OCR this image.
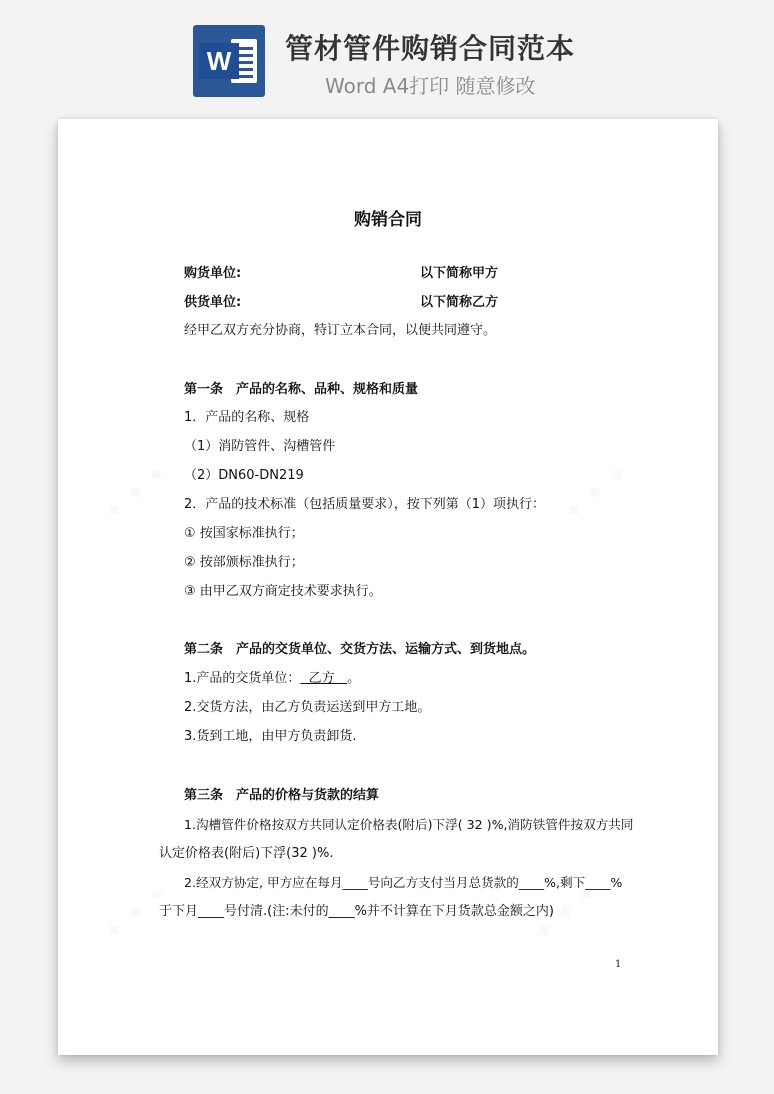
W 管材管件购销合同范本
Word A4打印 随意修改
购销合同
购货单位:	以下简称甲方
供货单位:	以下简称乙方
经甲乙双方充分协商，特订立本合同，以便共同遵守。
第一条　产品的名称、品种、规格和质量
1．产品的名称、规格
（1）消防管件、沟槽管件
（2）DN60-DN219
2．产品的技术标准（包括质量要求），按下列第（1）项执行：
① 按国家标准执行；
② 按部颁标准执行；
③ 由甲乙双方商定技术要求执行。
第二条　产品的交货单位、交货方法、运输方式、到货地点。
1.产品的交货单位：  乙方   。
2.交货方法，由乙方负责运送到甲方工地。
3.货到工地，由甲方负责卸货.
第三条　产品的价格与货款的结算
1.沟槽管件价格按双方共同认定价格表(附后)下浮( 32 )%,消防铁管件按双方共同
认定价格表(附后)下浮(32 )%.
2.经双方协定, 甲方应在每月____号向乙方支付当月总货款的____%,剩下____%
于下月____号付清.(注:未付的____%并不计算在下月货款总金额之内)
1
✦ ✦ ✦	✦ ✦ ✦
✦ ✦ ✦	✦ ✦ ✦
